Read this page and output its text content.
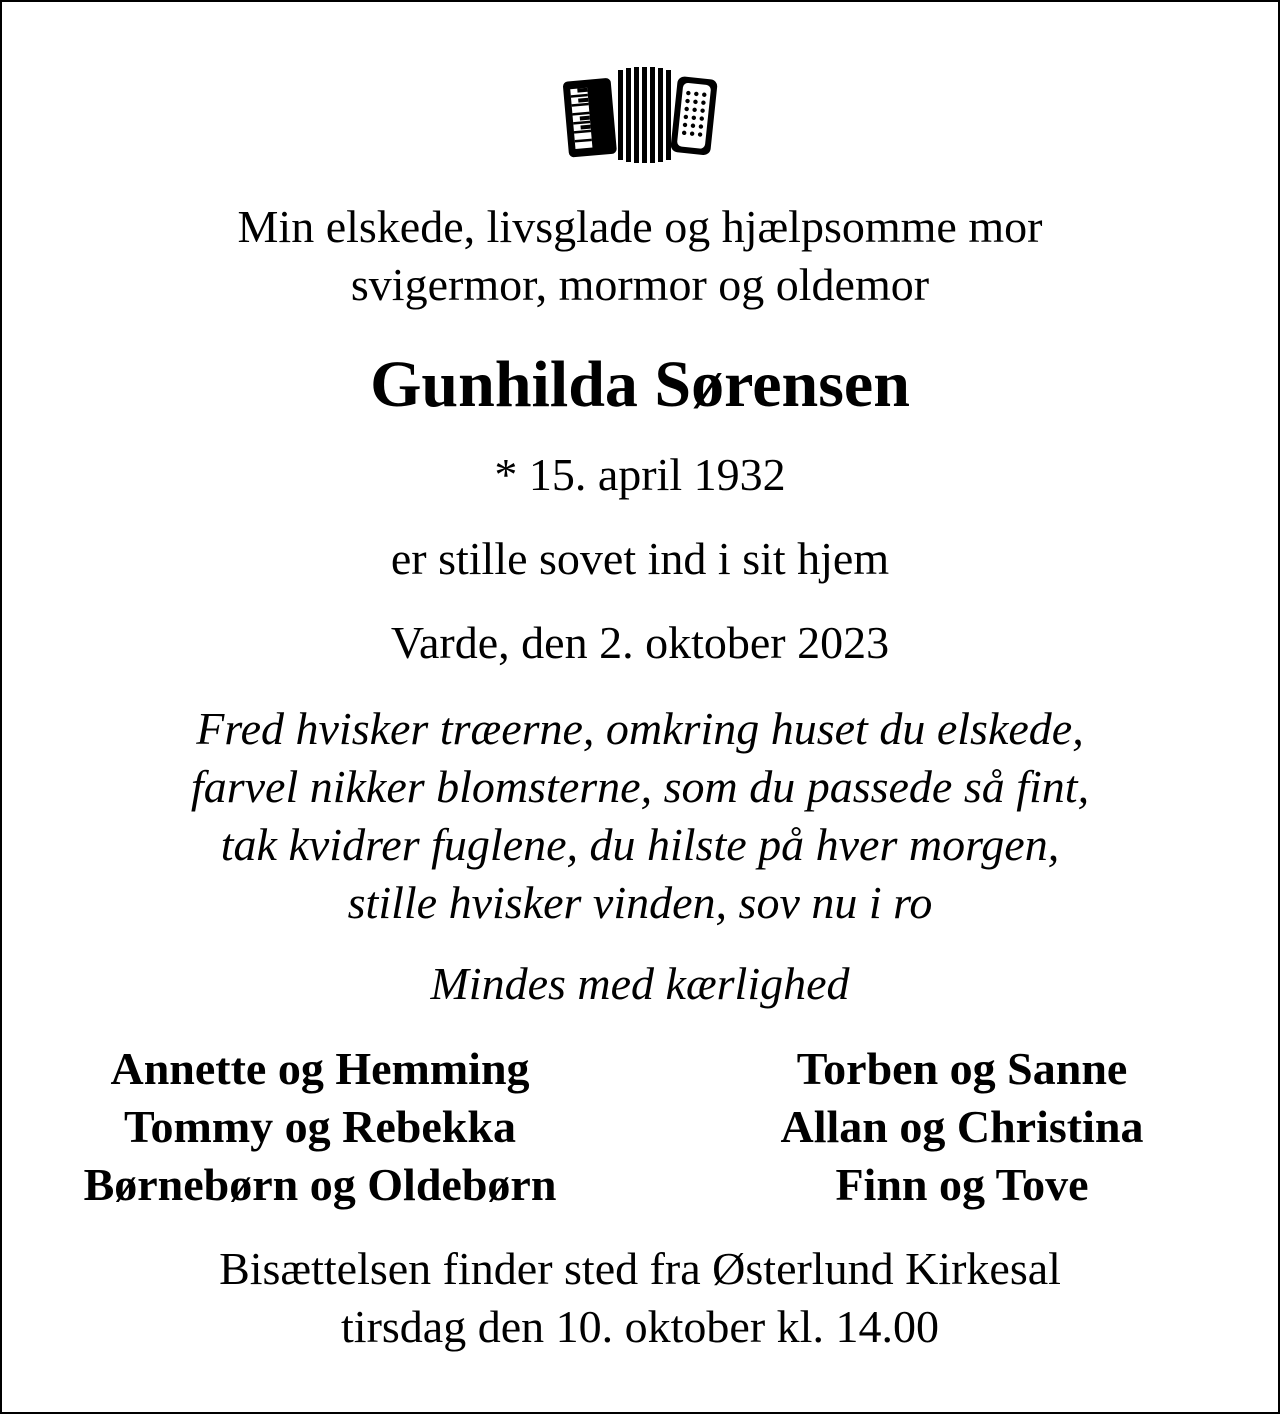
Min elskede, livsglade og hjælpsomme mor
svigermor, mormor og oldemor
Gunhilda Sørensen
* 15. april 1932
er stille sovet ind i sit hjem
Varde, den 2. oktober 2023
Fred hvisker træerne, omkring huset du elskede,
farvel nikker blomsterne, som du passede så fint,
tak kvidrer fuglene, du hilste på hver morgen,
stille hvisker vinden, sov nu i ro
Mindes med kærlighed
Annette og Hemming
Tommy og Rebekka
Børnebørn og Oldebørn
Torben og Sanne
Allan og Christina
Finn og Tove
Bisættelsen finder sted fra Østerlund Kirkesal
tirsdag den 10. oktober kl. 14.00
